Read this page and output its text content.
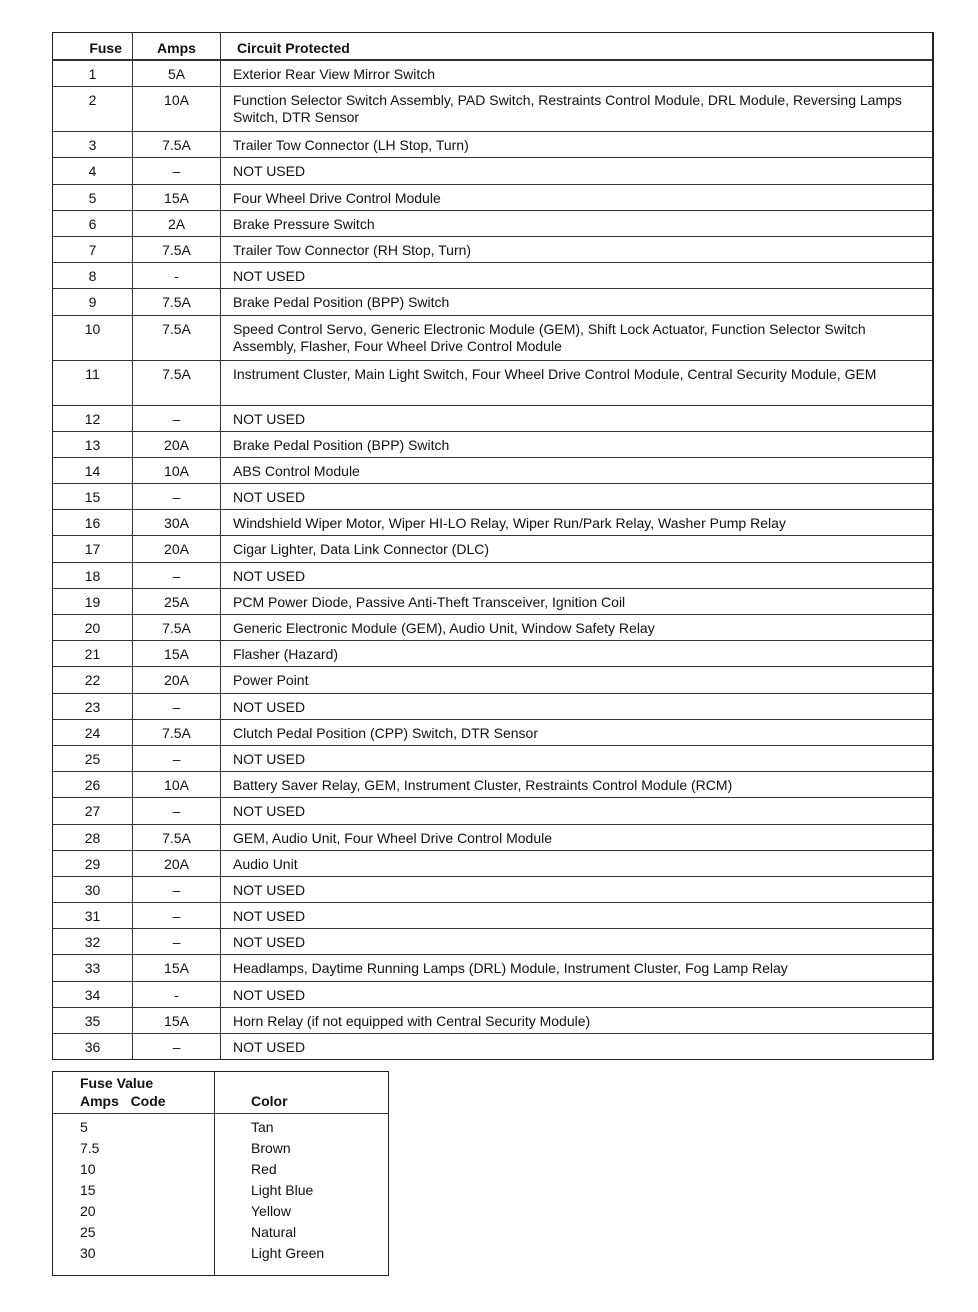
Fuse	Amps	Circuit Protected
1	5A	Exterior Rear View Mirror Switch
2	10A	Function Selector Switch Assembly, PAD Switch, Restraints Control Module, DRL Module, Reversing Lamps Switch, DTR Sensor
3	7.5A	Trailer Tow Connector (LH Stop, Turn)
4	–	NOT USED
5	15A	Four Wheel Drive Control Module
6	2A	Brake Pressure Switch
7	7.5A	Trailer Tow Connector (RH Stop, Turn)
8	-	NOT USED
9	7.5A	Brake Pedal Position (BPP) Switch
10	7.5A	Speed Control Servo, Generic Electronic Module (GEM), Shift Lock Actuator, Function Selector Switch Assembly, Flasher, Four Wheel Drive Control Module
11	7.5A	Instrument Cluster, Main Light Switch, Four Wheel Drive Control Module, Central Security Module, GEM
12	–	NOT USED
13	20A	Brake Pedal Position (BPP) Switch
14	10A	ABS Control Module
15	–	NOT USED
16	30A	Windshield Wiper Motor, Wiper HI-LO Relay, Wiper Run/Park Relay, Washer Pump Relay
17	20A	Cigar Lighter, Data Link Connector (DLC)
18	–	NOT USED
19	25A	PCM Power Diode, Passive Anti-Theft Transceiver, Ignition Coil
20	7.5A	Generic Electronic Module (GEM), Audio Unit, Window Safety Relay
21	15A	Flasher (Hazard)
22	20A	Power Point
23	–	NOT USED
24	7.5A	Clutch Pedal Position (CPP) Switch, DTR Sensor
25	–	NOT USED
26	10A	Battery Saver Relay, GEM, Instrument Cluster, Restraints Control Module (RCM)
27	–	NOT USED
28	7.5A	GEM, Audio Unit, Four Wheel Drive Control Module
29	20A	Audio Unit
30	–	NOT USED
31	–	NOT USED
32	–	NOT USED
33	15A	Headlamps, Daytime Running Lamps (DRL) Module, Instrument Cluster, Fog Lamp Relay
34	-	NOT USED
35	15A	Horn Relay (if not equipped with Central Security Module)
36	–	NOT USED
Fuse Value
Amps   Code	Color
5	Tan
7.5	Brown
10	Red
15	Light Blue
20	Yellow
25	Natural
30	Light Green
